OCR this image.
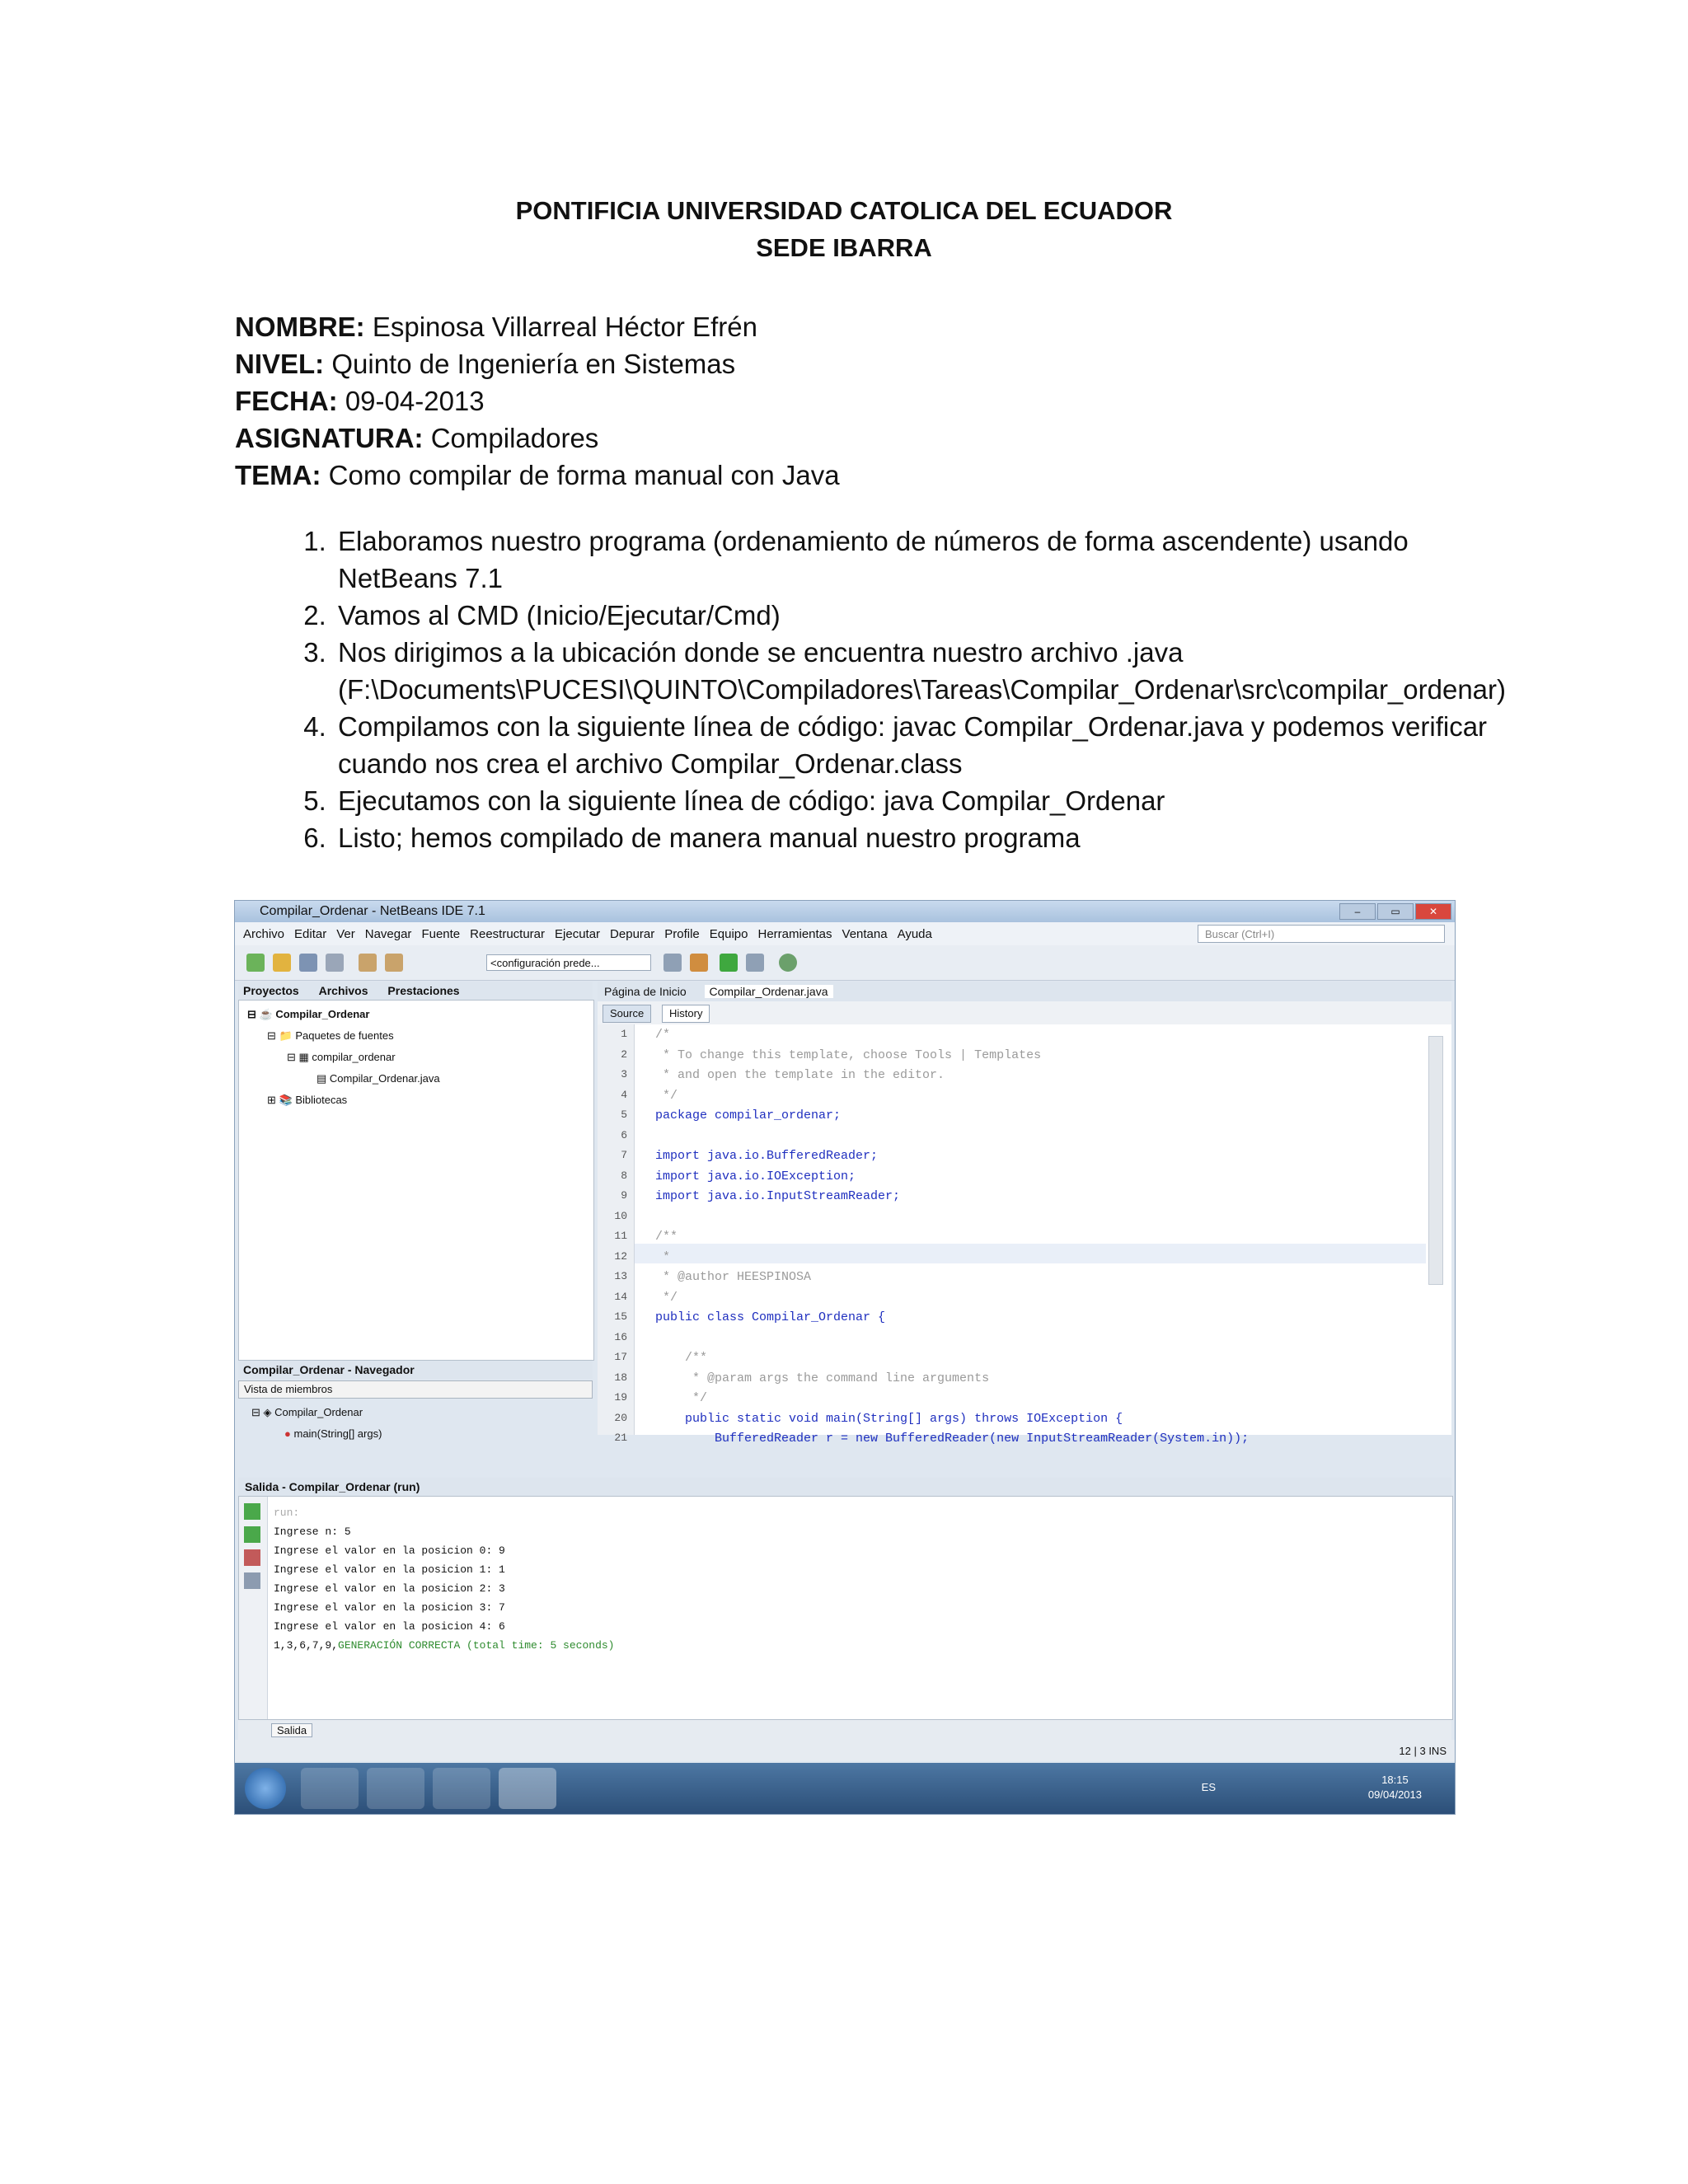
PONTIFICIA UNIVERSIDAD CATOLICA DEL ECUADOR
SEDE IBARRA
NOMBRE: Espinosa Villarreal Héctor Efrén
NIVEL: Quinto de Ingeniería en Sistemas
FECHA: 09-04-2013
ASIGNATURA: Compiladores
TEMA: Como compilar de forma manual con Java
1. Elaboramos nuestro programa (ordenamiento de números de forma ascendente) usando NetBeans 7.1
2. Vamos al CMD (Inicio/Ejecutar/Cmd)
3. Nos dirigimos a la ubicación donde se encuentra nuestro archivo .java (F:\Documents\PUCESI\QUINTO\Compiladores\Tareas\Compilar_Ordenar\src\compilar_ordenar)
4. Compilamos con la siguiente línea de código: javac Compilar_Ordenar.java y podemos verificar cuando nos crea el archivo Compilar_Ordenar.class
5. Ejecutamos con la siguiente línea de código: java Compilar_Ordenar
6. Listo; hemos compilado de manera manual nuestro programa
Compilar_Ordenar - NetBeans IDE 7.1	–	▭	✕
Archivo Editar Ver Navegar Fuente Reestructurar Ejecutar Depurar Profile Equipo Herramientas Ventana Ayuda	Buscar (Ctrl+I)
<configuración prede...
Proyectos Archivos Prestaciones
⊟ ☕ Compilar_Ordenar
⊟ 📁 Paquetes de fuentes
⊟ ▦ compilar_ordenar
▤ Compilar_Ordenar.java
⊞ 📚 Bibliotecas
Compilar_Ordenar - Navegador
Vista de miembros
⊟ ◈ Compilar_Ordenar
● main(String[] args)
Página de Inicio Compilar_Ordenar.java
Source	History
1 /*
2 * To change this template, choose Tools | Templates
3 * and open the template in the editor.
4 */
5 package compilar_ordenar;
6
7 import java.io.BufferedReader;
8 import java.io.IOException;
9 import java.io.InputStreamReader;
10
11 /**
12 *
13 * @author HEESPINOSA
14 */
15 public class Compilar_Ordenar {
16
17 /**
18 * @param args the command line arguments
19 */
20 public static void main(String[] args) throws IOException {
21 BufferedReader r = new BufferedReader(new InputStreamReader(System.in));
Salida - Compilar_Ordenar (run)
run:
Ingrese n: 5
Ingrese el valor en la posicion 0: 9
Ingrese el valor en la posicion 1: 1
Ingrese el valor en la posicion 2: 3
Ingrese el valor en la posicion 3: 7
Ingrese el valor en la posicion 4: 6
1,3,6,7,9,GENERACIÓN CORRECTA (total time: 5 seconds)
Salida
12 | 3 INS
ES
18:15
09/04/2013
